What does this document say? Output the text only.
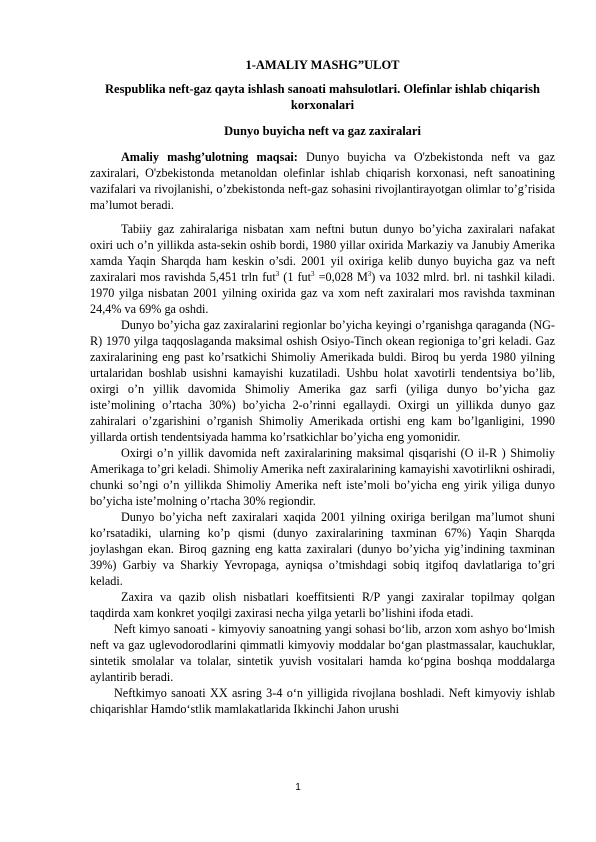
1-AMALIY MASHG”ULOT
Respublika neft-gaz qayta ishlash sanoati mahsulotlari. Olefinlar ishlab chiqarish korxonalari
Dunyo buyicha neft va gaz zaxiralari

Amaliy mashg’ulotning maqsai: Dunyo buyicha va O'zbekistonda neft va gaz zaxiralari, O'zbekistonda metanoldan olefinlar ishlab chiqarish korxonasi, neft sanoatining vazifalari va rivojlanishi, o’zbekistonda neft-gaz sohasini rivojlantirayotgan olimlar to’g’risida ma’lumot beradi.

Tabiiy gaz zahiralariga nisbatan xam neftni butun dunyo bo’yicha zaxiralari nafakat oxiri uch o’n yillikda asta-sekin oshib bordi, 1980 yillar oxirida Markaziy va Janubiy Amerika xamda Yaqin Sharqda ham keskin o’sdi. 2001 yil oxiriga kelib dunyo buyicha gaz va neft zaxiralari mos ravishda 5,451 trln fut$^3$ (1 fut$^3$ =0,028 $M^3$) va 1032 mlrd. brl. ni tashkil kiladi. 1970 yilga nisbatan 2001 yilning oxirida gaz va xom neft zaxiralari mos ravishda taxminan 24,4% va 69% ga oshdi.

Dunyo bo’yicha gaz zaxiralarini regionlar bo’yicha keyingi o’rganishga qaraganda (NG-R) 1970 yilga taqqoslaganda maksimal oshish Osiyo-Tinch okean regioniga to’gri keladi. Gaz zaxiralarining eng past ko’rsatkichi Shimoliy Amerikada buldi. Biroq bu yerda 1980 yilning urtalaridan boshlab usishni kamayishi kuzatiladi. Ushbu holat xavotirli tendentsiya bo’lib, oxirgi o’n yillik davomida Shimoliy Amerika gaz sarfi (yiliga dunyo bo’yicha gaz iste’molining o’rtacha 30%) bo’yicha 2-o’rinni egallaydi. Oxirgi un yillikda dunyo gaz zahiralari o’zgarishini o’rganish Shimoliy Amerikada ortishi eng kam bo’lganligini, 1990 yillarda ortish tendentsiyada hamma ko’rsatkichlar bo’yicha eng yomonidir.

Oxirgi o’n yillik davomida neft zaxiralarining maksimal qisqarishi (O il-R ) Shimoliy Amerikaga to’gri keladi. Shimoliy Amerika neft zaxiralarining kamayishi xavotirlikni oshiradi, chunki so’ngi o’n yillikda Shimoliy Amerika neft iste’moli bo’yicha eng yirik yiliga dunyo bo’yicha iste’molning o’rtacha 30% regiondir.

Dunyo bo’yicha neft zaxiralari xaqida 2001 yilning oxiriga berilgan ma’lumot shuni ko’rsatadiki, ularning ko’p qismi (dunyo zaxiralarining taxminan 67%) Yaqin Sharqda joylashgan ekan. Biroq gazning eng katta zaxiralari (dunyo bo’yicha yig’indining taxminan 39%) Garbiy va Sharkiy Yevropaga, ayniqsa o’tmishdagi sobiq itgifoq davlatlariga to’gri keladi.

Zaxira va qazib olish nisbatlari koeffitsienti R/P yangi zaxiralar topilmay qolgan taqdirda xam konkret yoqilgi zaxirasi necha yilga yetarli bo’lishini ifoda etadi.

Neft kimyo sanoati - kimyoviy sanoatning yangi sohasi bo‘lib, arzon xom ashyo bo‘lmish neft va gaz uglevodorodlarini qimmatli kimyoviy moddalar bo‘gan plastmassalar, kauchuklar, sintetik smolalar va tolalar, sintetik yuvish vositalari hamda ko‘pgina boshqa moddalarga aylantirib beradi.

Neftkimyo sanoati XX asring 3-4 o‘n yilligida rivojlana boshladi. Neft kimyoviy ishlab chiqarishlar Hamdo‘stlik mamlakatlarida Ikkinchi Jahon urushi

1
